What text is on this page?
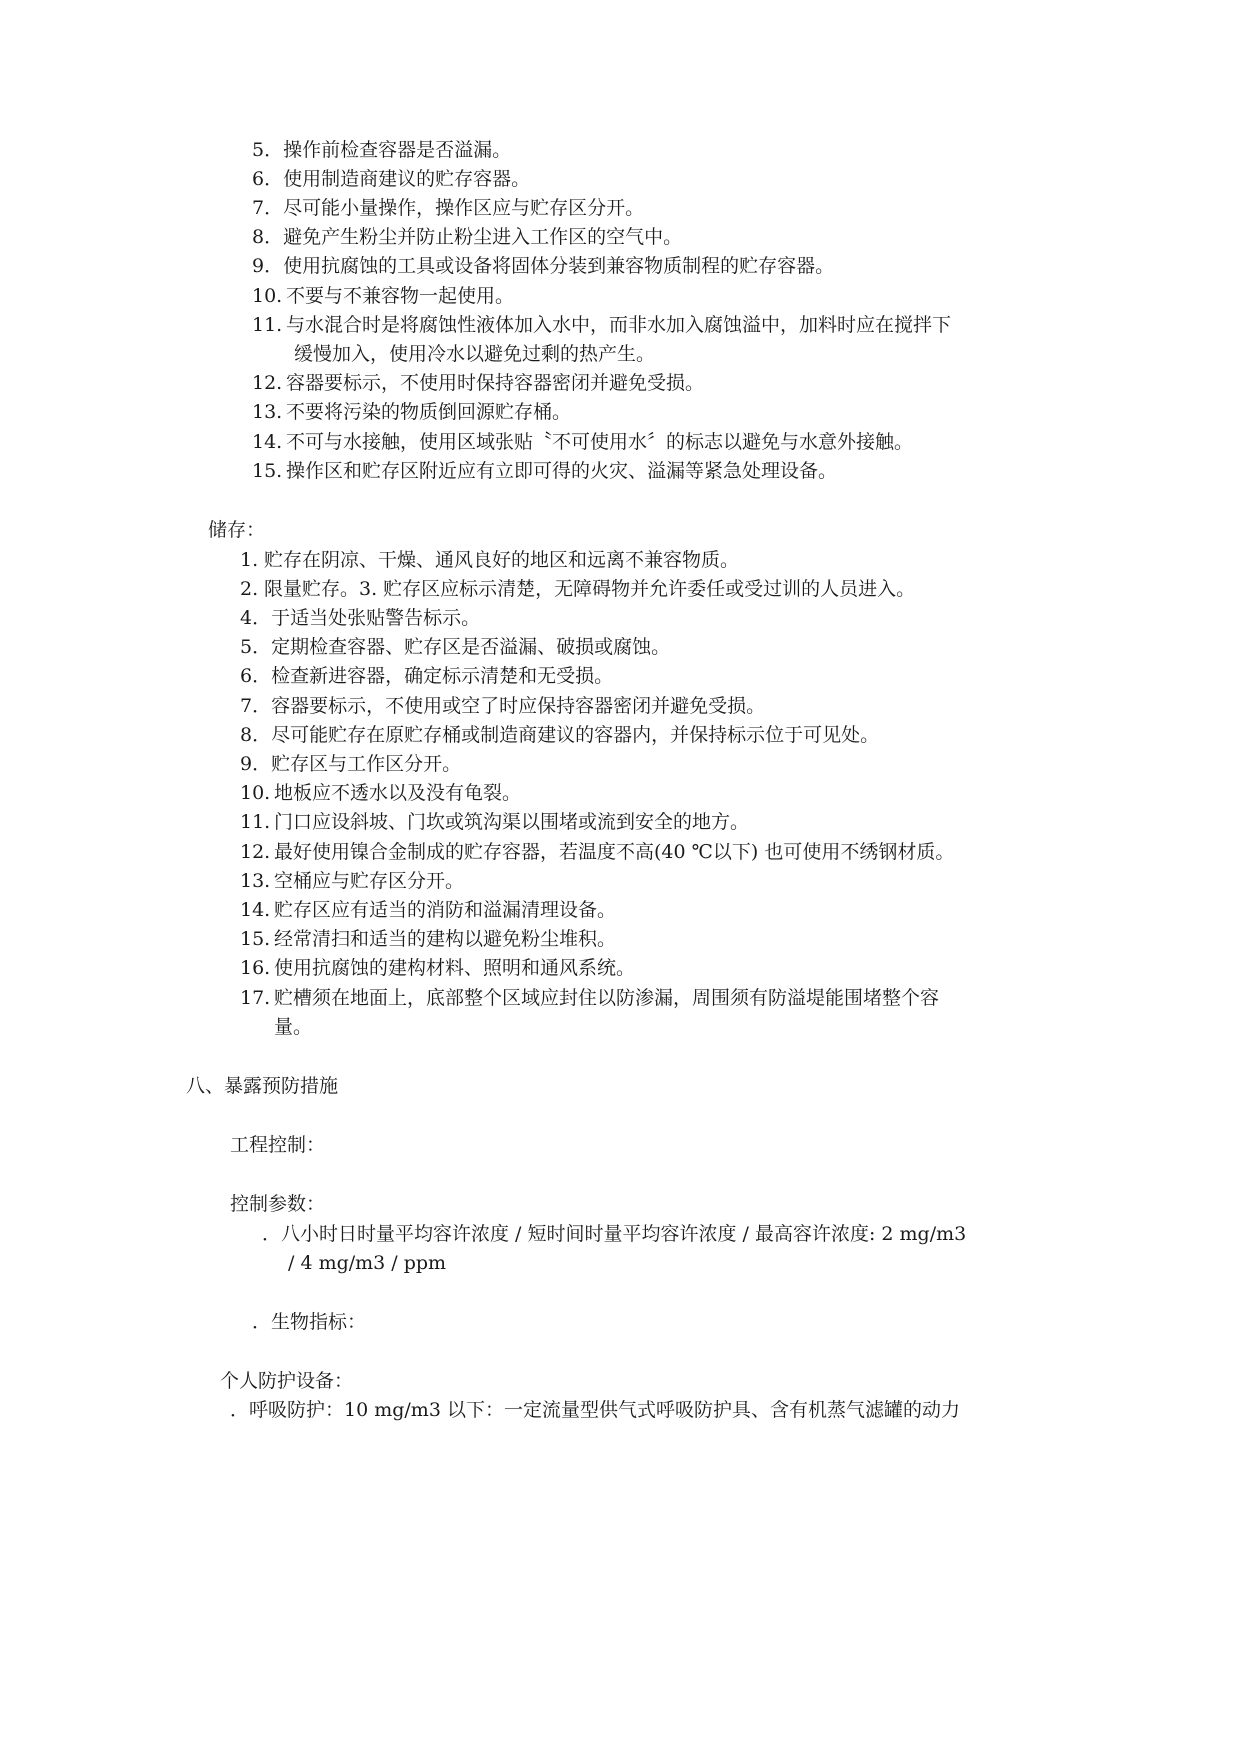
5．操作前检查容器是否溢漏。
6．使用制造商建议的贮存容器。
7．尽可能小量操作，操作区应与贮存区分开。
8．避免产生粉尘并防止粉尘进入工作区的空气中。
9．使用抗腐蚀的工具或设备将固体分装到兼容物质制程的贮存容器。
10. 不要与不兼容物一起使用。
11. 与水混合时是将腐蚀性液体加入水中，而非水加入腐蚀溢中，加料时应在搅拌下
缓慢加入，使用冷水以避免过剩的热产生。
12. 容器要标示，不使用时保持容器密闭并避免受损。
13. 不要将污染的物质倒回源贮存桶。
14. 不可与水接触，使用区域张贴〝不可使用水〞的标志以避免与水意外接触。
15. 操作区和贮存区附近应有立即可得的火灾、溢漏等紧急处理设备。
储存：
1. 贮存在阴凉、干燥、通风良好的地区和远离不兼容物质。
2. 限量贮存。3. 贮存区应标示清楚，无障碍物并允许委任或受过训的人员进入。
4．于适当处张贴警告标示。
5．定期检查容器、贮存区是否溢漏、破损或腐蚀。
6．检查新进容器，确定标示清楚和无受损。
7．容器要标示，不使用或空了时应保持容器密闭并避免受损。
8．尽可能贮存在原贮存桶或制造商建议的容器内，并保持标示位于可见处。
9．贮存区与工作区分开。
10. 地板应不透水以及没有龟裂。
11. 门口应设斜坡、门坎或筑沟渠以围堵或流到安全的地方。
12. 最好使用镍合金制成的贮存容器，若温度不高(40 ℃以下) 也可使用不绣钢材质。
13. 空桶应与贮存区分开。
14. 贮存区应有适当的消防和溢漏清理设备。
15. 经常清扫和适当的建构以避免粉尘堆积。
16. 使用抗腐蚀的建构材料、照明和通风系统。
17. 贮槽须在地面上，底部整个区域应封住以防渗漏，周围须有防溢堤能围堵整个容
量。
八、暴露预防措施
工程控制：
控制参数：
．八小时日时量平均容许浓度 / 短时间时量平均容许浓度 / 最高容许浓度: 2 mg/m3
/ 4 mg/m3 / ppm
．生物指标：
个人防护设备：
．呼吸防护：10 mg/m3 以下：一定流量型供气式呼吸防护具、含有机蒸气滤罐的动力
